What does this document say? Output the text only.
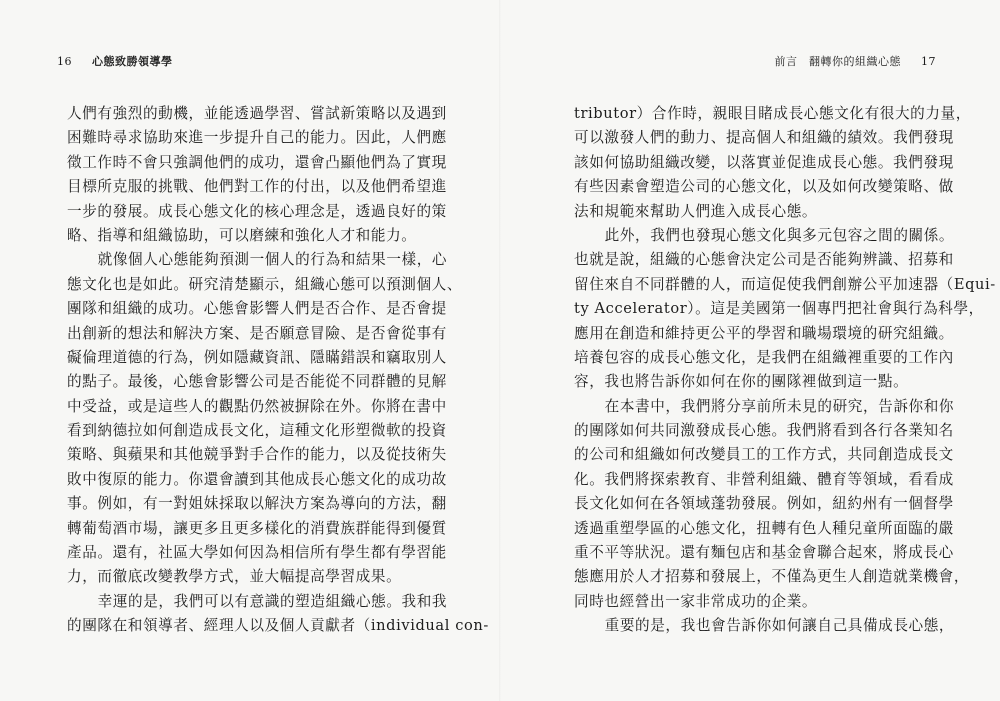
16 心態致勝領導學
人們有強烈的動機，並能透過學習、嘗試新策略以及遇到
困難時尋求協助來進一步提升自己的能力。因此，人們應
徵工作時不會只強調他們的成功，還會凸顯他們為了實現
目標所克服的挑戰、他們對工作的付出，以及他們希望進
一步的發展。成長心態文化的核心理念是，透過良好的策
略、指導和組織協助，可以磨練和強化人才和能力。
就像個人心態能夠預測一個人的行為和結果一樣，心
態文化也是如此。研究清楚顯示，組織心態可以預測個人、
團隊和組織的成功。心態會影響人們是否合作、是否會提
出創新的想法和解決方案、是否願意冒險、是否會從事有
礙倫理道德的行為，例如隱藏資訊、隱瞞錯誤和竊取別人
的點子。最後，心態會影響公司是否能從不同群體的見解
中受益，或是這些人的觀點仍然被摒除在外。你將在書中
看到納德拉如何創造成長文化，這種文化形塑微軟的投資
策略、與蘋果和其他競爭對手合作的能力，以及從技術失
敗中復原的能力。你還會讀到其他成長心態文化的成功故
事。例如，有一對姐妹採取以解決方案為導向的方法，翻
轉葡萄酒市場，讓更多且更多樣化的消費族群能得到優質
產品。還有，社區大學如何因為相信所有學生都有學習能
力，而徹底改變教學方式，並大幅提高學習成果。
幸運的是，我們可以有意識的塑造組織心態。我和我
的團隊在和領導者、經理人以及個人貢獻者（individual con-
前言　翻轉你的組織心態 17
tributor）合作時，親眼目睹成長心態文化有很大的力量，
可以激發人們的動力、提高個人和組織的績效。我們發現
該如何協助組織改變，以落實並促進成長心態。我們發現
有些因素會塑造公司的心態文化，以及如何改變策略、做
法和規範來幫助人們進入成長心態。
此外，我們也發現心態文化與多元包容之間的關係。
也就是說，組織的心態會決定公司是否能夠辨識、招募和
留住來自不同群體的人，而這促使我們創辦公平加速器（Equi-
ty Accelerator）。這是美國第一個專門把社會與行為科學，
應用在創造和維持更公平的學習和職場環境的研究組織。
培養包容的成長心態文化，是我們在組織裡重要的工作內
容，我也將告訴你如何在你的團隊裡做到這一點。
在本書中，我們將分享前所未見的研究，告訴你和你
的團隊如何共同激發成長心態。我們將看到各行各業知名
的公司和組織如何改變員工的工作方式，共同創造成長文
化。我們將探索教育、非營利組織、體育等領域，看看成
長文化如何在各領域蓬勃發展。例如，紐約州有一個督學
透過重塑學區的心態文化，扭轉有色人種兒童所面臨的嚴
重不平等狀況。還有麵包店和基金會聯合起來，將成長心
態應用於人才招募和發展上，不僅為更生人創造就業機會，
同時也經營出一家非常成功的企業。
重要的是，我也會告訴你如何讓自己具備成長心態，
